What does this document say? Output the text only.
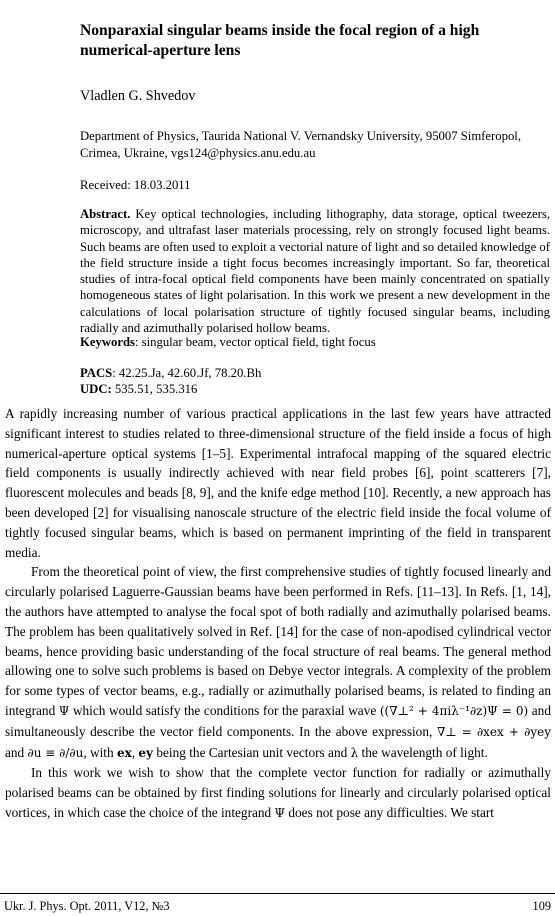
Nonparaxial singular beams inside the focal region of a high numerical-aperture lens
Vladlen G. Shvedov
Department of Physics, Taurida National V. Vernandsky University, 95007 Simferopol, Crimea, Ukraine, vgs124@physics.anu.edu.au
Received: 18.03.2011

Abstract. Key optical technologies, including lithography, data storage, optical tweezers, microscopy, and ultrafast laser materials processing, rely on strongly focused light beams. Such beams are often used to exploit a vectorial nature of light and so detailed knowledge of the field structure inside a tight focus becomes increasingly important. So far, theoretical studies of intra-focal optical field components have been mainly concentrated on spatially homogeneous states of light polarisation. In this work we present a new development in the calculations of local polarisation structure of tightly focused singular beams, including radially and azimuthally polarised hollow beams.

Keywords: singular beam, vector optical field, tight focus
PACS: 42.25.Ja, 42.60.Jf, 78.20.Bh
UDC: 535.51, 535.316

A rapidly increasing number of various practical applications in the last few years have attracted significant interest to studies related to three-dimensional structure of the field inside a focus of high numerical-aperture optical systems [1–5]. Experimental intrafocal mapping of the squared electric field components is usually indirectly achieved with near field probes [6], point scatterers [7], fluorescent molecules and beads [8, 9], and the knife edge method [10]. Recently, a new approach has been developed [2] for visualising nanoscale structure of the electric field inside the focal volume of tightly focused singular beams, which is based on permanent imprinting of the field in transparent media.

From the theoretical point of view, the first comprehensive studies of tightly focused linearly and circularly polarised Laguerre-Gaussian beams have been performed in Refs. [11–13]. In Refs. [1, 14], the authors have attempted to analyse the focal spot of both radially and azimuthally polarised beams. The problem has been qualitatively solved in Ref. [14] for the case of non-apodised cylindrical vector beams, hence providing basic understanding of the focal structure of real beams. The general method allowing one to solve such problems is based on Debye vector integrals. A complexity of the problem for some types of vector beams, e.g., radially or azimuthally polarised beams, is related to finding an integrand Ψ which would satisfy the conditions for the paraxial wave ((∇⊥² + 4πiλ⁻¹∂z)Ψ = 0) and simultaneously describe the vector field components. In the above expression, ∇⊥ = ∂xex + ∂yey and ∂u ≡ ∂/∂u, with ex, ey being the Cartesian unit vectors and λ the wavelength of light.

In this work we wish to show that the complete vector function for radially or azimuthally polarised beams can be obtained by first finding solutions for linearly and circularly polarised optical vortices, in which case the choice of the integrand Ψ does not pose any difficulties. We start

Ukr. J. Phys. Opt. 2011, V12, №3	109
